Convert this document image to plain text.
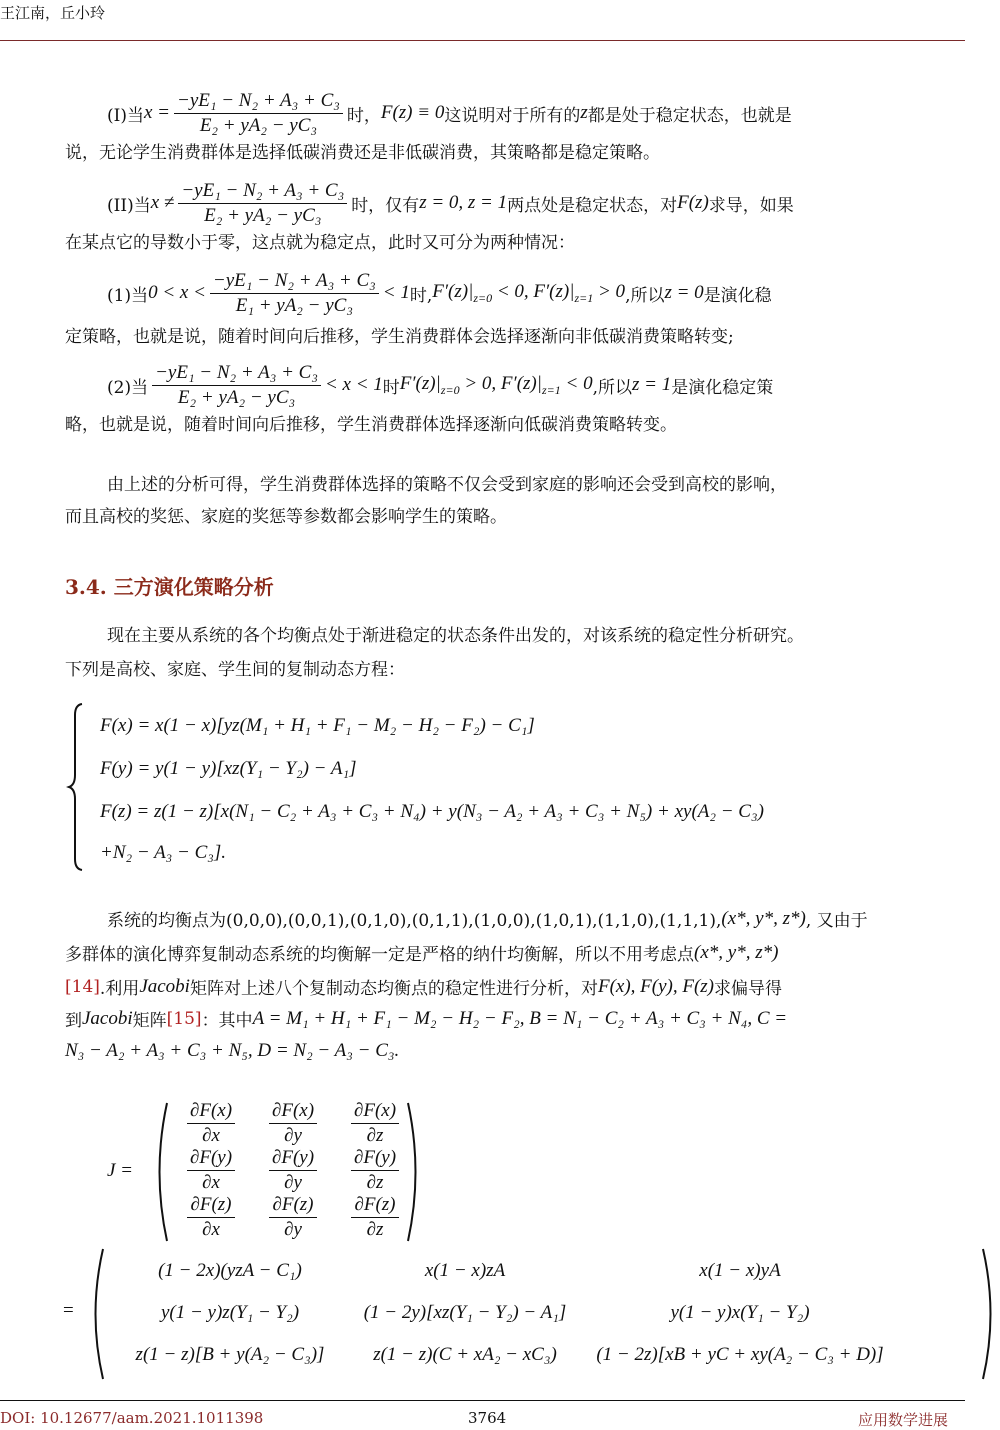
王江南，丘小玲
(I)当 $x = \frac{\text{−yE₁ − N₂ + A₃ + C₃}}{\text{E₂ + yA₂ − yC₃}}$ 时， F(z) ≡ 0 这说明对于所有的 z 都是处于稳定状态，也就是
说，无论学生消费群体是选择低碳消费还是非低碳消费，其策略都是稳定策略。
(II)当 $x \ne \frac{\text{−yE₁ − N₂ + A₃ + C₃}}{\text{E₂ + yA₂ − yC₃}}$ 时，仅有 z = 0, z = 1 两点处是稳定状态，对 F(z) 求导，如果
在某点它的导数小于零，这点就为稳定点，此时又可分为两种情况：
(1)当 $0 < x < \frac{\text{−yE₁ − N₂ + A₃ + C₃}}{\text{E₁ + yA₂ − yC₃}} < 1$ 时, $F'(z)|_{z=0} < 0$, $F'(z)|_{z=1} > 0$ ,所以 z = 0 是演化稳
定策略，也就是说，随着时间向后推移，学生消费群体会选择逐渐向非低碳消费策略转变;
(2)当 $\frac{\text{−yE₁ − N₂ + A₃ + C₃}}{\text{E₂ + yA₂ − yC₃}} < x < 1$ 时 $F'(z)|_{z=0} > 0$, $F'(z)|_{z=1} < 0$ ,所以 z = 1 是演化稳定策
略，也就是说，随着时间向后推移，学生消费群体选择逐渐向低碳消费策略转变。
由上述的分析可得，学生消费群体选择的策略不仅会受到家庭的影响还会受到高校的影响，
而且高校的奖惩、家庭的奖惩等参数都会影响学生的策略。
3.4. 三方演化策略分析
现在主要从系统的各个均衡点处于渐进稳定的状态条件出发的，对该系统的稳定性分析研究。
下列是高校、家庭、学生间的复制动态方程：
F(x) = x(1 − x)[yz(M₁ + H₁ + F₁ − M₂ − H₂ − F₂) − C₁]
F(y) = y(1 − y)[xz(Y₁ − Y₂) − A₁]
F(z) = z(1 − z)[x(N₁ − C₂ + A₃ + C₃ + N₄) + y(N₃ − A₂ + A₃ + C₃ + N₅) + xy(A₂ − C₃)
+N₂ − A₃ − C₃].
系统的均衡点为(0,0,0),(0,0,1),(0,1,0),(0,1,1),(1,0,0),(1,0,1),(1,1,0),(1,1,1), (x*, y*, z*) , 又由于
多群体的演化博弈复制动态系统的均衡解一定是严格的纳什均衡解，所以不用考虑点 (x*, y*, z*)
[14] .利用 Jacobi 矩阵对上述八个复制动态均衡点的稳定性进行分析，对 F(x), F(y), F(z) 求偏导得
到 Jacobi 矩阵 [15] ：其中 A = M₁ + H₁ + F₁ − M₂ − H₂ − F₂, B = N₁ − C₂ + A₃ + C₃ + N₄, C =
N₃ − A₂ + A₃ + C₃ + N₅, D = N₂ − A₃ − C₃.
J =
$\frac{\partial F(x)}{\partial x} \frac{\partial F(x)}{\partial y} \frac{\partial F(x)}{\partial z}$
$\frac{\partial F(y)}{\partial x} \frac{\partial F(y)}{\partial y} \frac{\partial F(y)}{\partial z}$
$\frac{\partial F(z)}{\partial x} \frac{\partial F(z)}{\partial y} \frac{\partial F(z)}{\partial z}$
=
(1 − 2x)(yzA − C₁)	x(1 − x)zA	x(1 − x)yA
y(1 − y)z(Y₁ − Y₂)	(1 − 2y)[xz(Y₁ − Y₂) − A₁]	y(1 − y)x(Y₁ − Y₂)
z(1 − z)[B + y(A₂ − C₃)]	z(1 − z)(C + xA₂ − xC₃)	(1 − 2z)[xB + yC + xy(A₂ − C₃ + D)]
DOI: 10.12677/aam.2021.1011398	3764	应用数学进展
